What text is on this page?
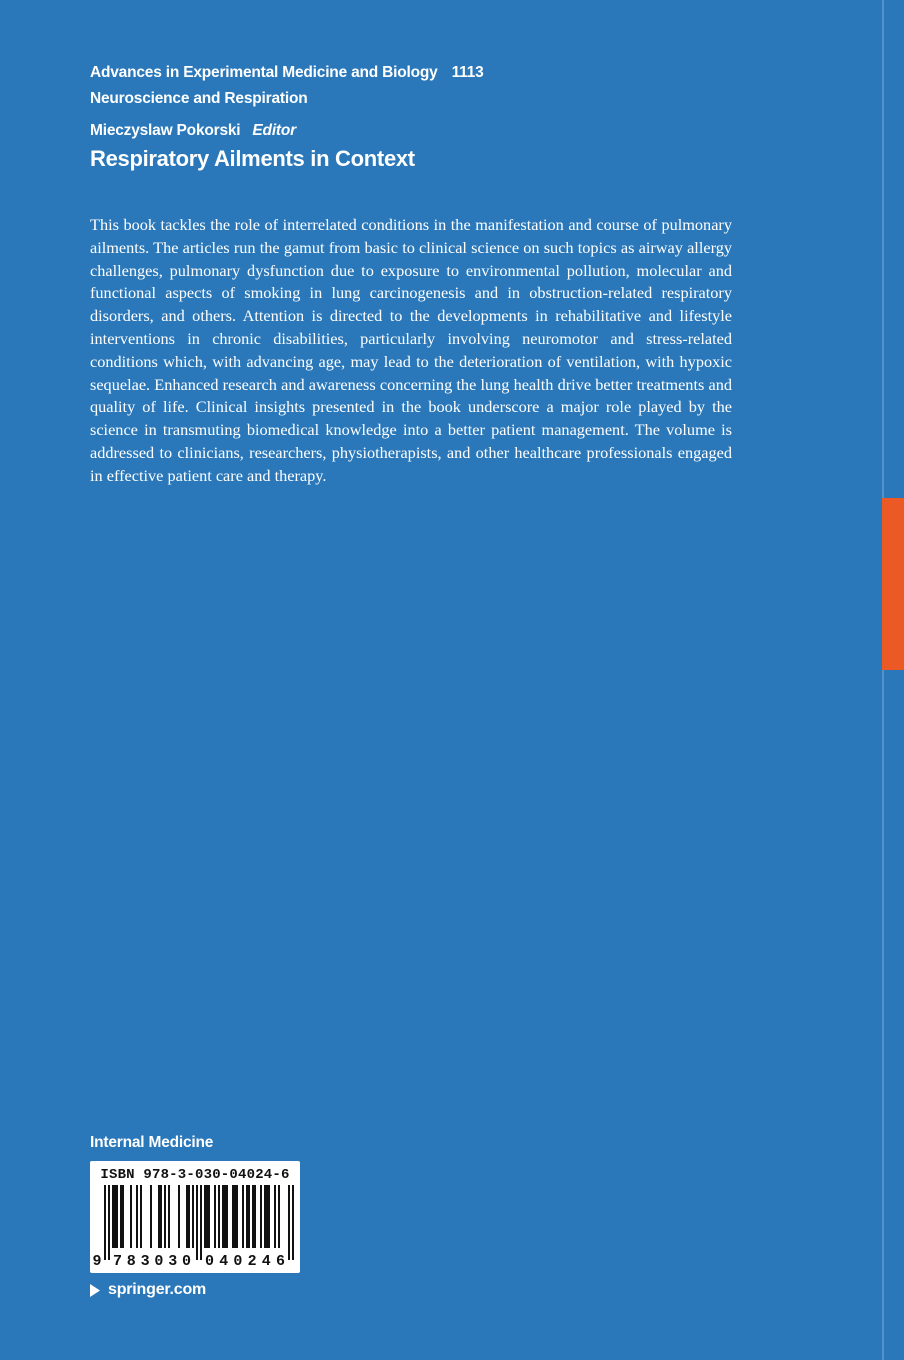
Advances in Experimental Medicine and Biology 1113
Neuroscience and Respiration
Mieczyslaw Pokorski Editor
Respiratory Ailments in Context

This book tackles the role of interrelated conditions in the manifestation and course of pulmonary ailments. The articles run the gamut from basic to clinical science on such topics as airway allergy challenges, pulmonary dysfunction due to exposure to environmental pollution, molecular and functional aspects of smoking in lung carcinogenesis and in obstruction-related respiratory disorders, and others. Attention is directed to the developments in rehabilitative and lifestyle interventions in chronic disabilities, particularly involving neuromotor and stress-related conditions which, with advancing age, may lead to the deterioration of ventilation, with hypoxic sequelae. Enhanced research and awareness concerning the lung health drive better treatments and quality of life. Clinical insights presented in the book underscore a major role played by the science in transmuting biomedical knowledge into a better patient management. The volume is addressed to clinicians, researchers, physiotherapists, and other healthcare professionals engaged in effective patient care and therapy.

Internal Medicine
ISBN 978-3-030-04024-6
9 783030 040246
springer.com
